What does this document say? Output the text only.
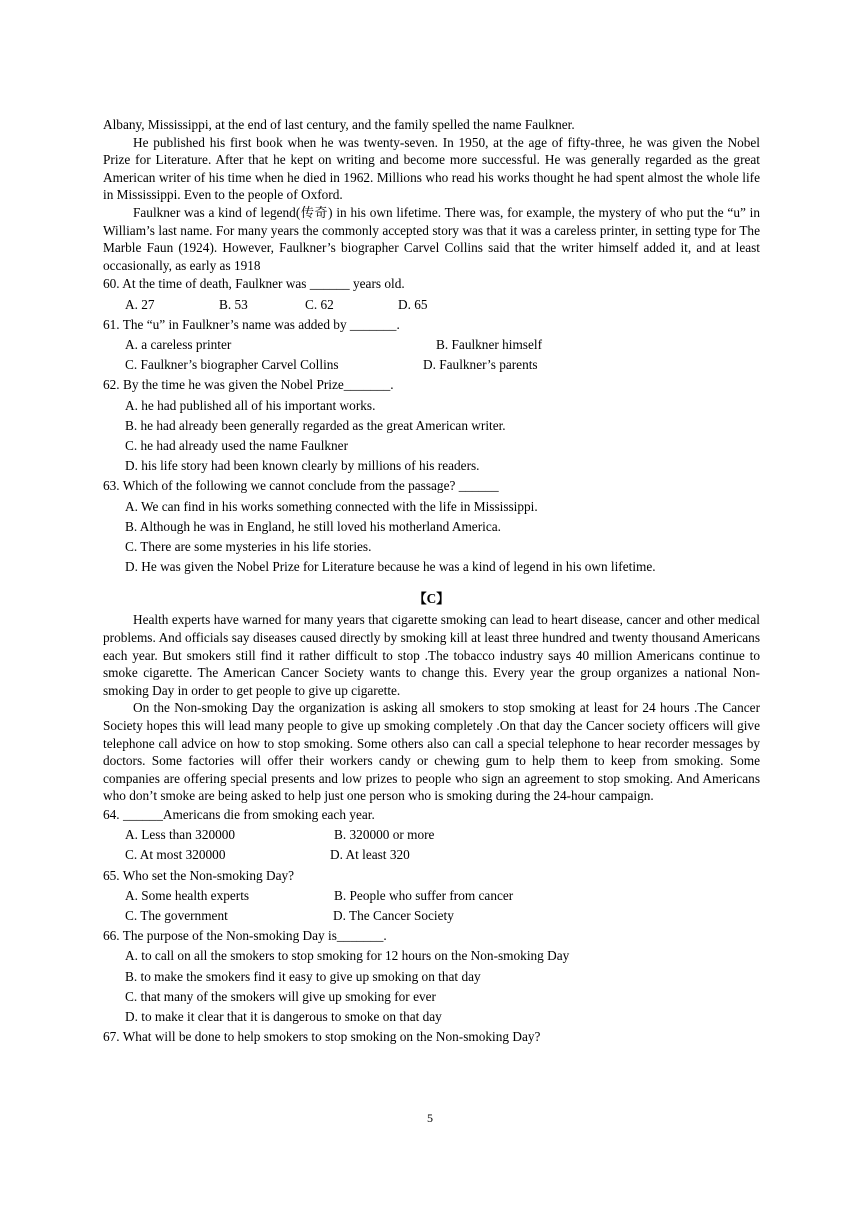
Albany, Mississippi, at the end of last century, and the family spelled the name Faulkner.

He published his first book when he was twenty-seven. In 1950, at the age of fifty-three, he was given the Nobel Prize for Literature. After that he kept on writing and become more successful. He was generally regarded as the great American writer of his time when he died in 1962. Millions who read his works thought he had spent almost the whole life in Mississippi. Even to the people of Oxford.

Faulkner was a kind of legend(传奇) in his own lifetime. There was, for example, the mystery of who put the “u” in William’s last name. For many years the commonly accepted story was that it was a careless printer, in setting type for The Marble Faun (1924). However, Faulkner’s biographer Carvel Collins said that the writer himself added it, and at least occasionally, as early as 1918

60. At the time of death, Faulkner was ______ years old.

A. 27	B. 53	C. 62	D. 65

61. The “u” in Faulkner’s name was added by _______.

A. a careless printer	B. Faulkner himself

C. Faulkner’s biographer Carvel Collins	D. Faulkner’s parents

62. By the time he was given the Nobel Prize_______.

A. he had published all of his important works.

B. he had already been generally regarded as the great American writer.

C. he had already used the name Faulkner

D. his life story had been known clearly by millions of his readers.

63. Which of the following we cannot conclude from the passage? ______

A. We can find in his works something connected with the life in Mississippi.

B. Although he was in England, he still loved his motherland America.

C. There are some mysteries in his life stories.

D. He was given the Nobel Prize for Literature because he was a kind of legend in his own lifetime.

【C】

Health experts have warned for many years that cigarette smoking can lead to heart disease, cancer and other medical problems. And officials say diseases caused directly by smoking kill at least three hundred and twenty thousand Americans each year. But smokers still find it rather difficult to stop .The tobacco industry says 40 million Americans continue to smoke cigarette. The American Cancer Society wants to change this. Every year the group organizes a national Non-smoking Day in order to get people to give up cigarette.

On the Non-smoking Day the organization is asking all smokers to stop smoking at least for 24 hours .The Cancer Society hopes this will lead many people to give up smoking completely .On that day the Cancer society officers will give telephone call advice on how to stop smoking. Some others also can call a special telephone to hear recorder messages by doctors. Some factories will offer their workers candy or chewing gum to help them to keep from smoking. Some companies are offering special presents and low prizes to people who sign an agreement to stop smoking. And Americans who don’t smoke are being asked to help just one person who is smoking during the 24-hour campaign.

64. ______Americans die from smoking each year.

A. Less than 320000	B. 320000 or more

C. At most 320000	D. At least 320

65. Who set the Non-smoking Day?

A. Some health experts	B. People who suffer from cancer

C. The government	D. The Cancer Society

66. The purpose of the Non-smoking Day is_______.

A. to call on all the smokers to stop smoking for 12 hours on the Non-smoking Day

B. to make the smokers find it easy to give up smoking on that day

C. that many of the smokers will give up smoking for ever

D. to make it clear that it is dangerous to smoke on that day

67. What will be done to help smokers to stop smoking on the Non-smoking Day?

5
